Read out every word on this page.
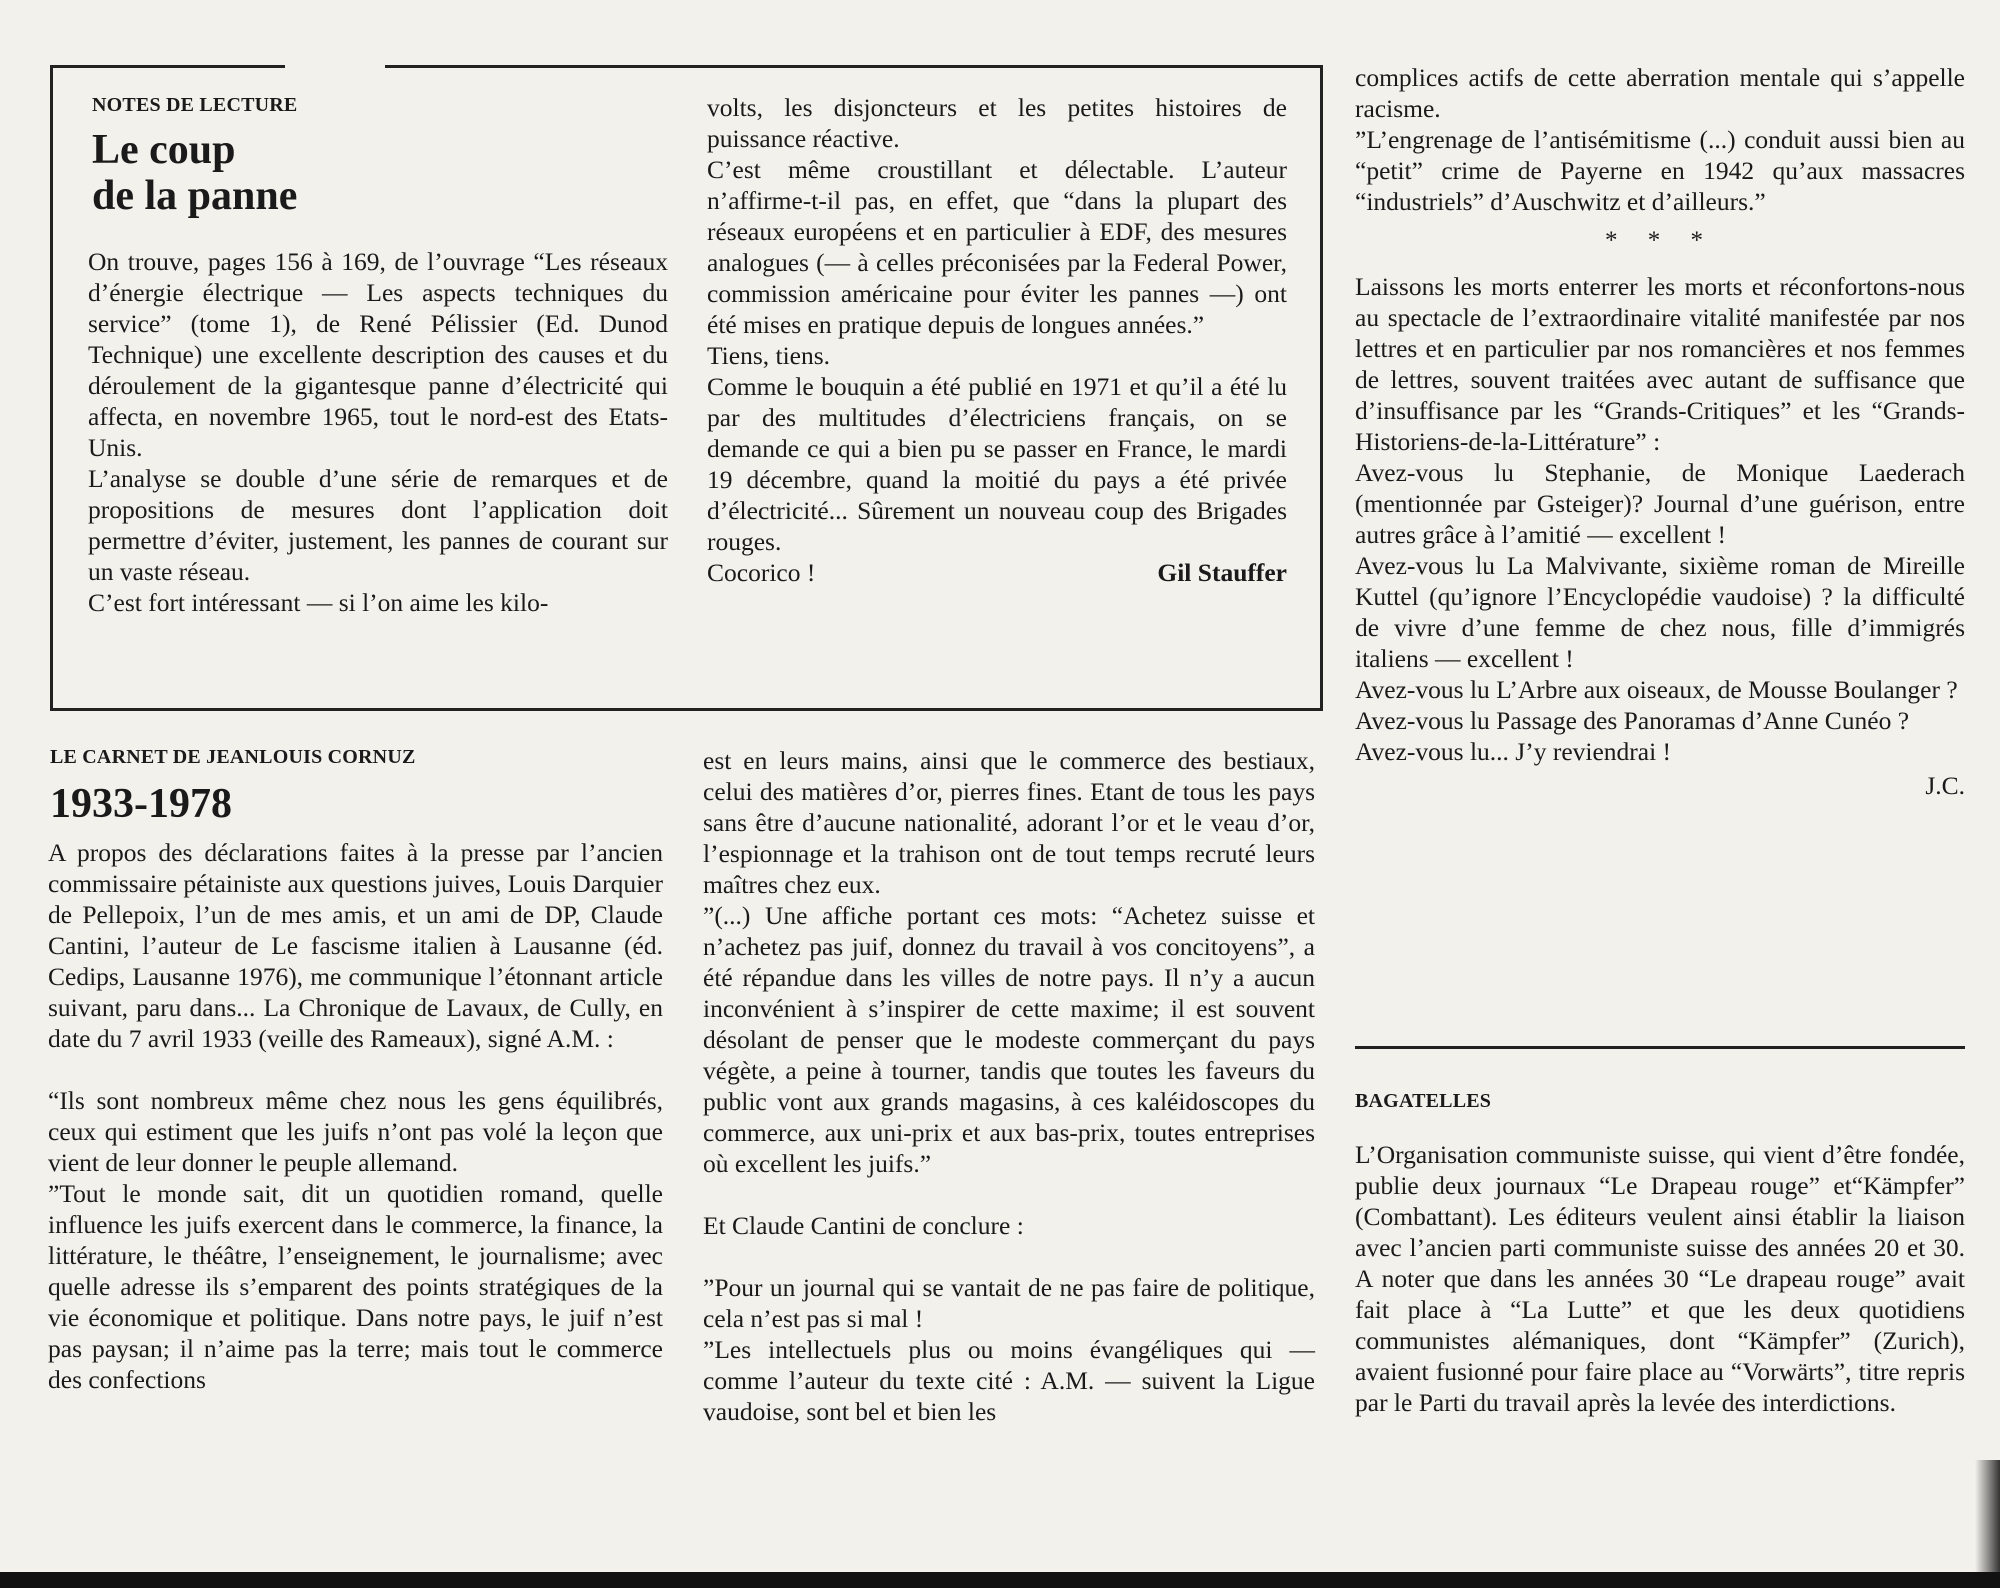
NOTES DE LECTURE

Le coup

de la panne

On trouve, pages 156 à 169, de l’ouvrage “Les réseaux d’énergie électrique — Les aspects techniques du service” (tome 1), de René Pélissier (Ed. Dunod Technique) une excellente description des causes et du déroulement de la gigantesque panne d’électricité qui affecta, en novembre 1965, tout le nord-est des Etats-Unis.

L’analyse se double d’une série de remarques et de propositions de mesures dont l’application doit permettre d’éviter, justement, les pannes de courant sur un vaste réseau.

C’est fort intéressant — si l’on aime les kilo-

volts, les disjoncteurs et les petites histoires de puissance réactive.

C’est même croustillant et délectable. L’auteur n’affirme-t-il pas, en effet, que “dans la plupart des réseaux européens et en particulier à EDF, des mesures analogues (— à celles préconisées par la Federal Power, commission américaine pour éviter les pannes —) ont été mises en pratique depuis de longues années.”

Tiens, tiens.

Comme le bouquin a été publié en 1971 et qu’il a été lu par des multitudes d’électriciens français, on se demande ce qui a bien pu se passer en France, le mardi 19 décembre, quand la moitié du pays a été privée d’électricité... Sûrement un nouveau coup des Brigades rouges.

Cocorico !	Gil Stauffer

LE CARNET DE JEANLOUIS CORNUZ

1933-1978

A propos des déclarations faites à la presse par l’ancien commissaire pétainiste aux questions juives, Louis Darquier de Pellepoix, l’un de mes amis, et un ami de DP, Claude Cantini, l’auteur de Le fascisme italien à Lausanne (éd. Cedips, Lausanne 1976), me communique l’étonnant article suivant, paru dans... La Chronique de Lavaux, de Cully, en date du 7 avril 1933 (veille des Rameaux), signé A.M. :

“Ils sont nombreux même chez nous les gens équilibrés, ceux qui estiment que les juifs n’ont pas volé la leçon que vient de leur donner le peuple allemand.

”Tout le monde sait, dit un quotidien romand, quelle influence les juifs exercent dans le commerce, la finance, la littérature, le théâtre, l’enseignement, le journalisme; avec quelle adresse ils s’emparent des points stratégiques de la vie économique et politique. Dans notre pays, le juif n’est pas paysan; il n’aime pas la terre; mais tout le commerce des confections

est en leurs mains, ainsi que le commerce des bestiaux, celui des matières d’or, pierres fines. Etant de tous les pays sans être d’aucune nationalité, adorant l’or et le veau d’or, l’espionnage et la trahison ont de tout temps recruté leurs maîtres chez eux.

”(...) Une affiche portant ces mots: “Achetez suisse et n’achetez pas juif, donnez du travail à vos concitoyens”, a été répandue dans les villes de notre pays. Il n’y a aucun inconvénient à s’inspirer de cette maxime; il est souvent désolant de penser que le modeste commerçant du pays végète, a peine à tourner, tandis que toutes les faveurs du public vont aux grands magasins, à ces kaléidoscopes du commerce, aux uni-prix et aux bas-prix, toutes entreprises où excellent les juifs.”

Et Claude Cantini de conclure :

”Pour un journal qui se vantait de ne pas faire de politique, cela n’est pas si mal !

”Les intellectuels plus ou moins évangéliques qui — comme l’auteur du texte cité : A.M. — suivent la Ligue vaudoise, sont bel et bien les

complices actifs de cette aberration mentale qui s’appelle racisme.

”L’engrenage de l’antisémitisme (...) conduit aussi bien au “petit” crime de Payerne en 1942 qu’aux massacres “industriels” d’Auschwitz et d’ailleurs.”

* * *

Laissons les morts enterrer les morts et réconfortons-nous au spectacle de l’extraordinaire vitalité manifestée par nos lettres et en particulier par nos romancières et nos femmes de lettres, souvent traitées avec autant de suffisance que d’insuffisance par les “Grands-Critiques” et les “Grands-Historiens-de-la-Littérature” :

Avez-vous lu Stephanie, de Monique Laederach (mentionnée par Gsteiger)? Journal d’une guérison, entre autres grâce à l’amitié — excellent !

Avez-vous lu La Malvivante, sixième roman de Mireille Kuttel (qu’ignore l’Encyclopédie vaudoise) ? la difficulté de vivre d’une femme de chez nous, fille d’immigrés italiens — excellent !

Avez-vous lu L’Arbre aux oiseaux, de Mousse Boulanger ?

Avez-vous lu Passage des Panoramas d’Anne Cunéo ?

Avez-vous lu... J’y reviendrai !

J.C.

BAGATELLES

L’Organisation communiste suisse, qui vient d’être fondée, publie deux journaux “Le Drapeau rouge” et“Kämpfer” (Combattant). Les éditeurs veulent ainsi établir la liaison avec l’ancien parti communiste suisse des années 20 et 30. A noter que dans les années 30 “Le drapeau rouge” avait fait place à “La Lutte” et que les deux quotidiens communistes alémaniques, dont “Kämpfer” (Zurich), avaient fusionné pour faire place au “Vorwärts”, titre repris par le Parti du travail après la levée des interdictions.
